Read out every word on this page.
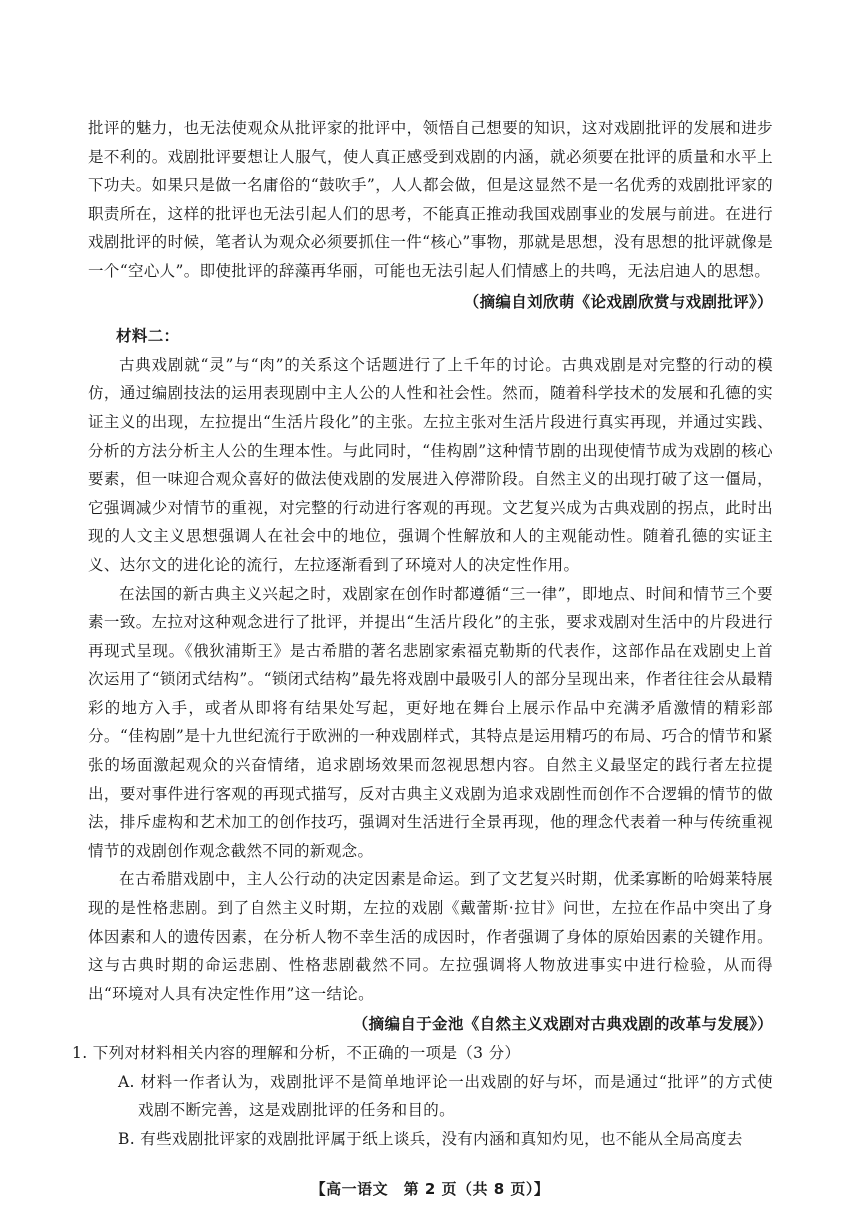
批评的魅力，也无法使观众从批评家的批评中，领悟自己想要的知识，这对戏剧批评的发展和进步是不利的。戏剧批评要想让人服气，使人真正感受到戏剧的内涵，就必须要在批评的质量和水平上下功夫。如果只是做一名庸俗的“鼓吹手”，人人都会做，但是这显然不是一名优秀的戏剧批评家的职责所在，这样的批评也无法引起人们的思考，不能真正推动我国戏剧事业的发展与前进。在进行戏剧批评的时候，笔者认为观众必须要抓住一件“核心”事物，那就是思想，没有思想的批评就像是一个“空心人”。即使批评的辞藻再华丽，可能也无法引起人们情感上的共鸣，无法启迪人的思想。

（摘编自刘欣萌《论戏剧欣赏与戏剧批评》）

材料二：

古典戏剧就“灵”与“肉”的关系这个话题进行了上千年的讨论。古典戏剧是对完整的行动的模仿，通过编剧技法的运用表现剧中主人公的人性和社会性。然而，随着科学技术的发展和孔德的实证主义的出现，左拉提出“生活片段化”的主张。左拉主张对生活片段进行真实再现，并通过实践、分析的方法分析主人公的生理本性。与此同时，“佳构剧”这种情节剧的出现使情节成为戏剧的核心要素，但一味迎合观众喜好的做法使戏剧的发展进入停滞阶段。自然主义的出现打破了这一僵局，它强调减少对情节的重视，对完整的行动进行客观的再现。文艺复兴成为古典戏剧的拐点，此时出现的人文主义思想强调人在社会中的地位，强调个性解放和人的主观能动性。随着孔德的实证主义、达尔文的进化论的流行，左拉逐渐看到了环境对人的决定性作用。

在法国的新古典主义兴起之时，戏剧家在创作时都遵循“三一律”，即地点、时间和情节三个要素一致。左拉对这种观念进行了批评，并提出“生活片段化”的主张，要求戏剧对生活中的片段进行再现式呈现。《俄狄浦斯王》是古希腊的著名悲剧家索福克勒斯的代表作，这部作品在戏剧史上首次运用了“锁闭式结构”。“锁闭式结构”最先将戏剧中最吸引人的部分呈现出来，作者往往会从最精彩的地方入手，或者从即将有结果处写起，更好地在舞台上展示作品中充满矛盾激情的精彩部分。“佳构剧”是十九世纪流行于欧洲的一种戏剧样式，其特点是运用精巧的布局、巧合的情节和紧张的场面激起观众的兴奋情绪，追求剧场效果而忽视思想内容。自然主义最坚定的践行者左拉提出，要对事件进行客观的再现式描写，反对古典主义戏剧为追求戏剧性而创作不合逻辑的情节的做法，排斥虚构和艺术加工的创作技巧，强调对生活进行全景再现，他的理念代表着一种与传统重视情节的戏剧创作观念截然不同的新观念。

在古希腊戏剧中，主人公行动的决定因素是命运。到了文艺复兴时期，优柔寡断的哈姆莱特展现的是性格悲剧。到了自然主义时期，左拉的戏剧《戴蕾斯·拉甘》问世，左拉在作品中突出了身体因素和人的遗传因素，在分析人物不幸生活的成因时，作者强调了身体的原始因素的关键作用。这与古典时期的命运悲剧、性格悲剧截然不同。左拉强调将人物放进事实中进行检验，从而得出“环境对人具有决定性作用”这一结论。

（摘编自于金池《自然主义戏剧对古典戏剧的改革与发展》）

1. 下列对材料相关内容的理解和分析，不正确的一项是（3 分）

A. 材料一作者认为，戏剧批评不是简单地评论一出戏剧的好与坏，而是通过“批评”的方式使戏剧不断完善，这是戏剧批评的任务和目的。
B. 有些戏剧批评家的戏剧批评属于纸上谈兵，没有内涵和真知灼见，也不能从全局高度去
【高一语文　第 2 页（共 8 页）】
